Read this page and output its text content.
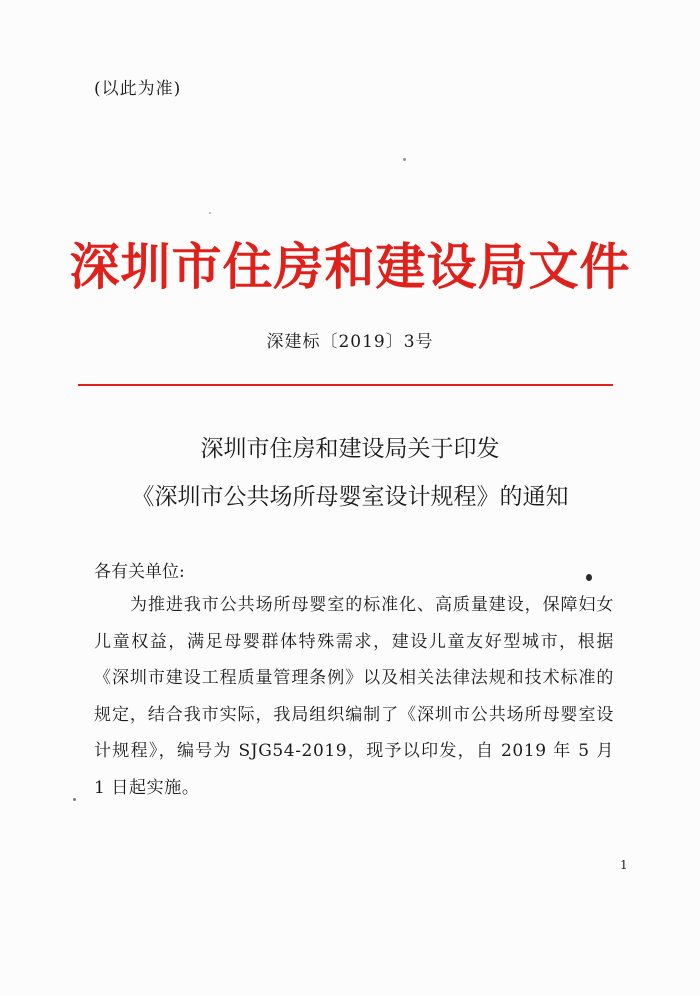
(以此为准)
深圳市住房和建设局文件
深建标〔2019〕3号
深圳市住房和建设局关于印发
《深圳市公共场所母婴室设计规程》的通知
各有关单位:
为推进我市公共场所母婴室的标准化、高质量建设，保障妇女儿童权益，满足母婴群体特殊需求，建设儿童友好型城市，根据《深圳市建设工程质量管理条例》以及相关法律法规和技术标准的规定，结合我市实际，我局组织编制了《深圳市公共场所母婴室设计规程》，编号为 SJG54-2019，现予以印发，自 2019 年 5 月 1 日起实施。
1
